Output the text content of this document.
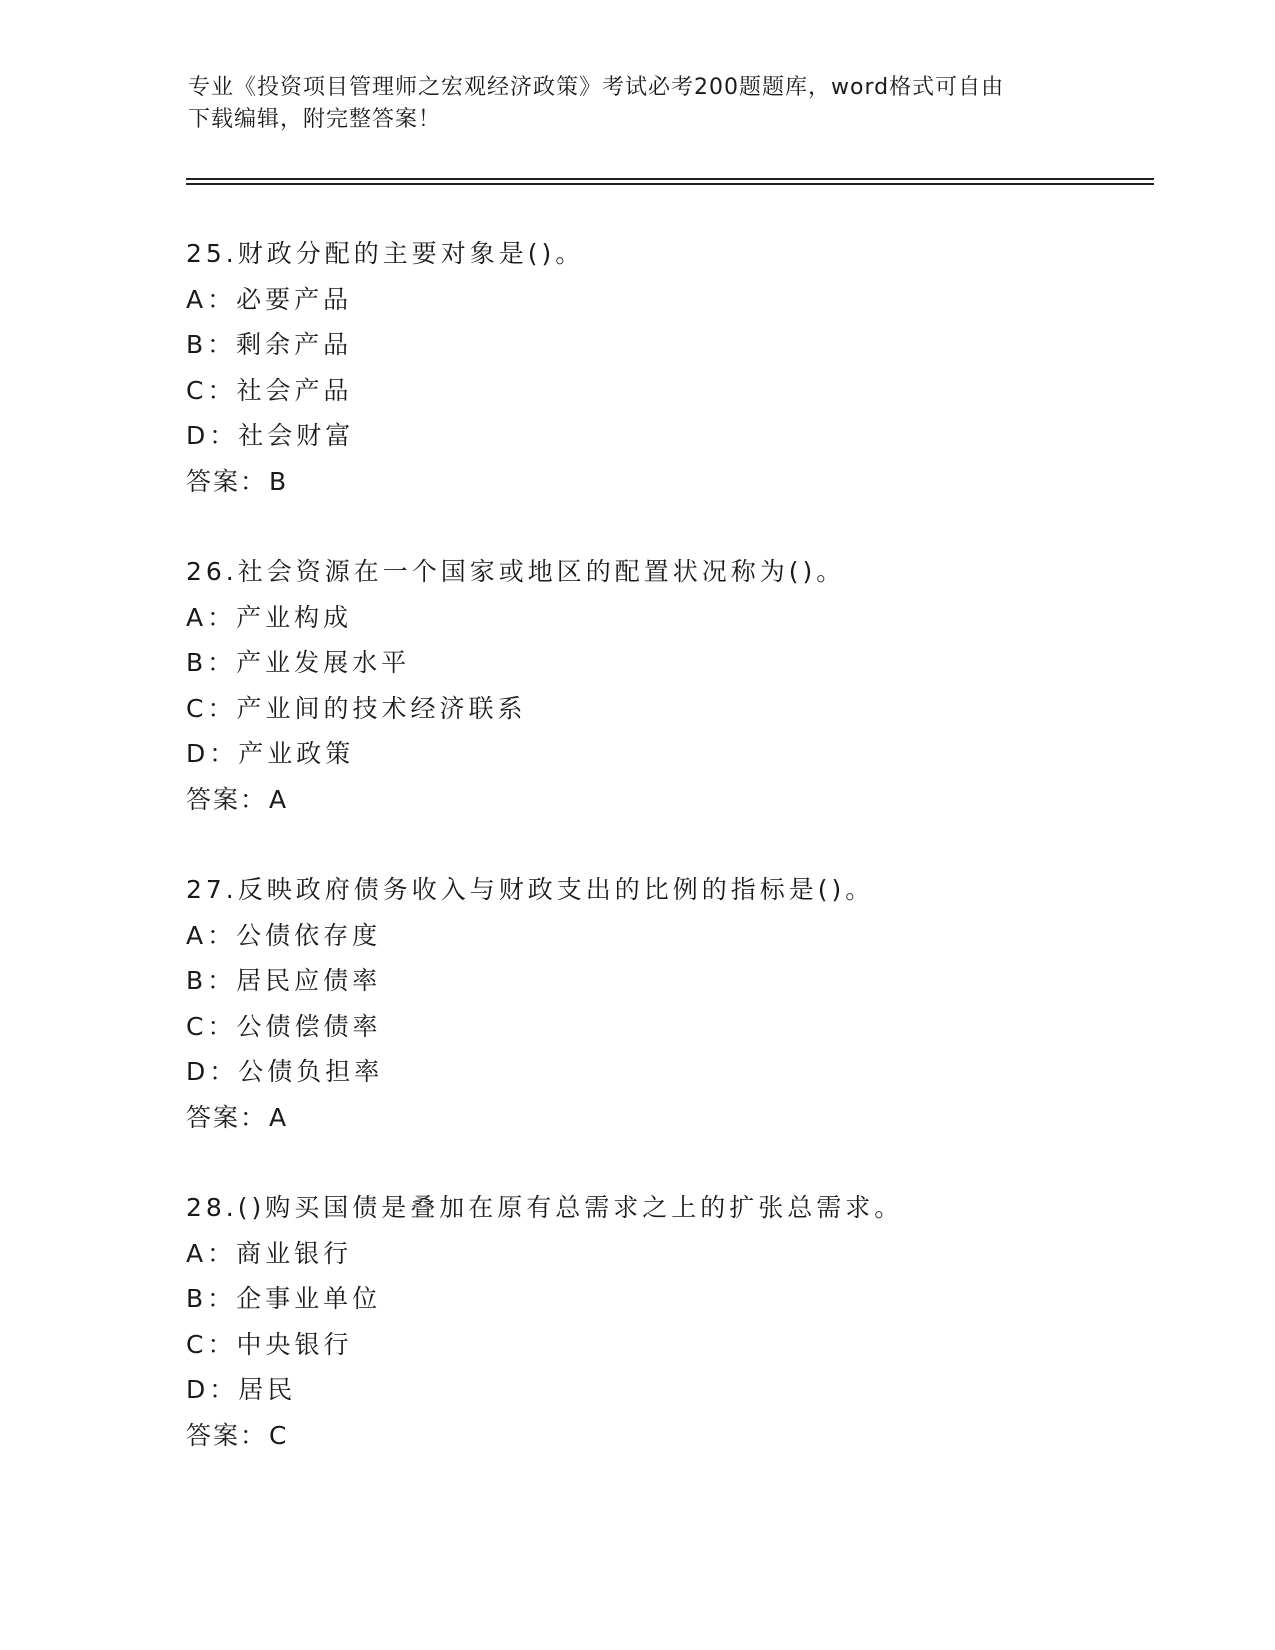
专业《投资项目管理师之宏观经济政策》考试必考200题题库，word格式可自由
下载编辑，附完整答案！
25.财政分配的主要对象是()。
A：必要产品
B：剩余产品
C：社会产品
D：社会财富
答案：B
26.社会资源在一个国家或地区的配置状况称为()。
A：产业构成
B：产业发展水平
C：产业间的技术经济联系
D：产业政策
答案：A
27.反映政府债务收入与财政支出的比例的指标是()。
A：公债依存度
B：居民应债率
C：公债偿债率
D：公债负担率
答案：A
28.()购买国债是叠加在原有总需求之上的扩张总需求。
A：商业银行
B：企事业单位
C：中央银行
D：居民
答案：C
